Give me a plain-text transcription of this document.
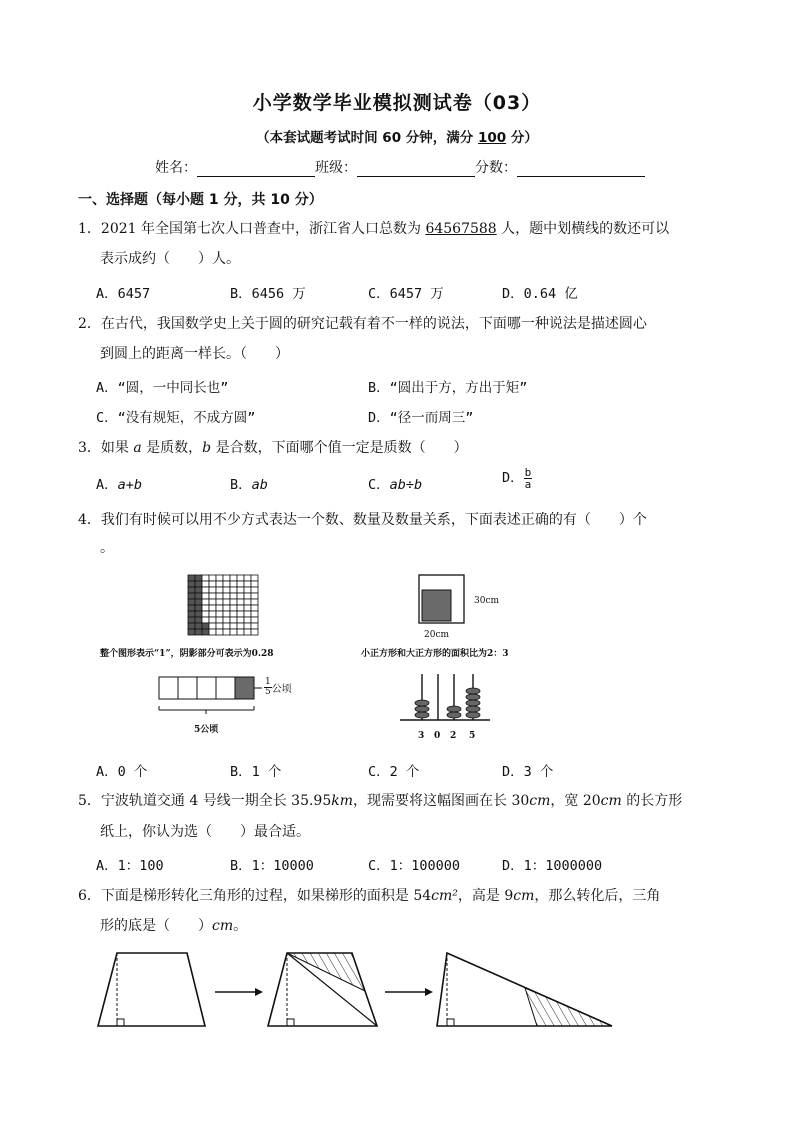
小学数学毕业模拟测试卷（03）
（本套试题考试时间 60 分钟，满分 100 分）
姓名：	班级：	分数：
一、选择题（每小题 1 分，共 10 分）
1．2021 年全国第七次人口普查中，浙江省人口总数为 64567588 人，题中划横线的数还可以
表示成约（　　）人。
A．6457	B．6456 万	C．6457 万	D．0.64 亿
2．在古代，我国数学史上关于圆的研究记载有着不一样的说法，下面哪一种说法是描述圆心
到圆上的距离一样长。（　　）
A．“圆，一中同长也”	B．“圆出于方，方出于矩”
C．“没有规矩，不成方圆”	D．“径一而周三”
3．如果 a 是质数，b 是合数，下面哪个值一定是质数（　　）
A．a+b	B．ab	C．ab÷b	D． $\frac{b}{a}$
4．我们有时候可以用不少方式表达一个数、数量及数量关系，下面表述正确的有（　　）个
。
整个图形表示“1”，阴影部分可表示为0.28
30cm
20cm
小正方形和大正方形的面积比为2：3
$\frac{1}{5}$ 公顷
5公顷
3 0 2 5
A．0 个	B．1 个	C．2 个	D．3 个
5．宁波轨道交通 4 号线一期全长 35.95km，现需要将这幅图画在长 30cm，宽 20cm 的长方形
纸上，你认为选（　　）最合适。
A．1：100	B．1：10000	C．1：100000	D．1：1000000
6．下面是梯形转化三角形的过程，如果梯形的面积是 54cm²，高是 9cm，那么转化后，三角
形的底是（　　）cm。
